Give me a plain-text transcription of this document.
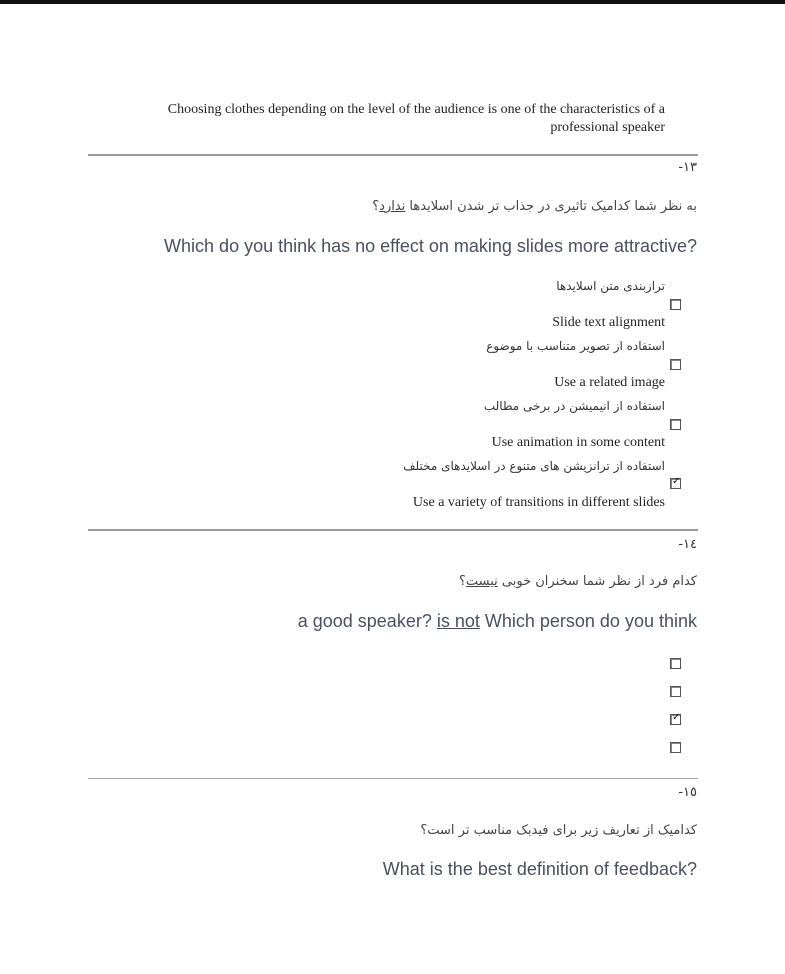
Choosing clothes depending on the level of the audience is one of the characteristics of a
professional speaker
-١٣
به نظر شما کدامیک تاثیری در جذاب تر شدن اسلایدها ندارد؟
Which do you think has no effect on making slides more attractive?
ترازبندی متن اسلایدها
Slide text alignment
استفاده از تصویر متناسب با موضوع
Use a related image
استفاده از انیمیشن در برخی مطالب
Use animation in some content
استفاده از ترانزیشن های متنوع در اسلایدهای مختلف
✓
Use a variety of transitions in different slides
-١٤
کدام فرد از نظر شما سخنران خوبی نیست؟
a good speaker? is not Which person do you think
✓
-١٥
کدامیک از تعاریف زیر برای فیدبک مناسب تر است؟
What is the best definition of feedback?
